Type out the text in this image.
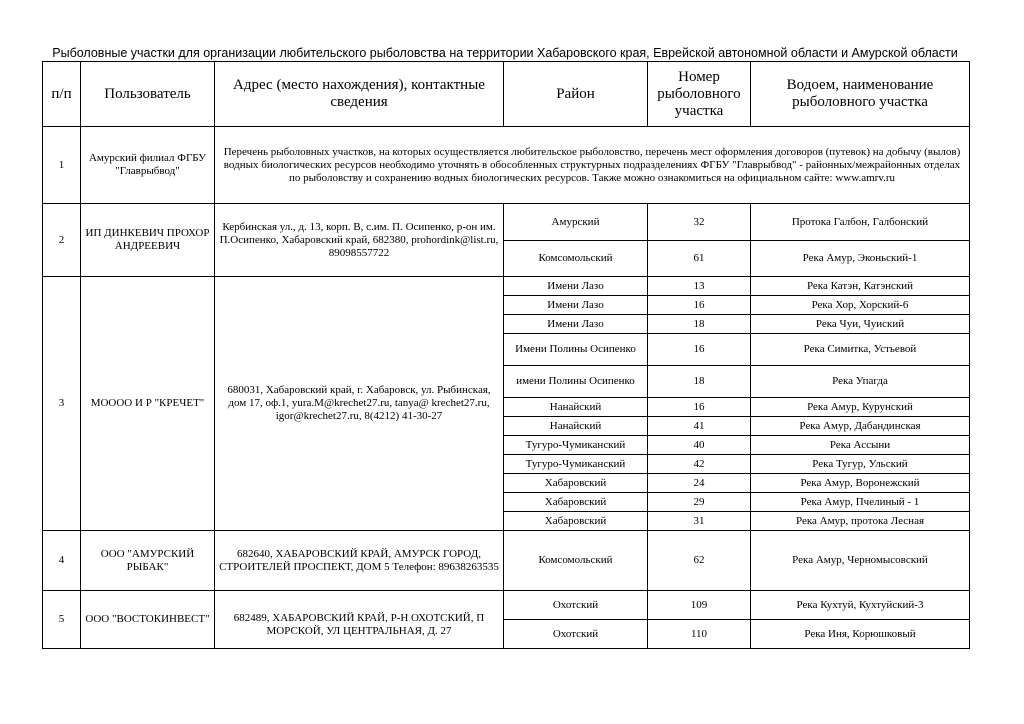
Рыболовные участки для организации любительского рыболовства на территории Хабаровского края, Еврейской автономной области и Амурской области
п/п	Пользователь	Адрес (место нахождения), контактные сведения	Район	Номер рыболовного участка	Водоем, наименование рыболовного участка
1	Амурский филиал ФГБУ "Главрыбвод"	Перечень рыболовных участков, на которых осуществляется любительское рыболовство, перечень мест оформления договоров (путевок) на добычу (вылов) водных биологических ресурсов необходимо уточнять в обособленных структурных подразделениях ФГБУ "Главрыбвод" - районных/межрайонных отделах по рыболовству и сохранению водных биологических ресурсов. Также можно ознакомиться на официальном сайте: www.amrv.ru			
2	ИП ДИНКЕВИЧ ПРОХОР АНДРЕЕВИЧ	Кербинская ул., д. 13, корп. В, с.им. П. Осипенко, р-он им. П.Осипенко, Хабаровский край, 682380, prohordink@list.ru, 89098557722	Амурский	32	Протока Галбон, Галбонский
			Комсомольский	61	Река Амур, Эконьский-1
3	МОООО И Р "КРЕЧЕТ"	680031, Хабаровский край, г. Хабаровск, ул. Рыбинская, дом 17, оф.1, yura.M@krechet27.ru, tanya@ krechet27.ru, igor@krechet27.ru, 8(4212) 41-30-27	Имени Лазо	13	Река Катэн, Катэнский
			Имени Лазо	16	Река Хор, Хорский-6
			Имени Лазо	18	Река Чуи, Чуиский
			Имени Полины Осипенко	16	Река Симитка, Устьевой
			имени Полины Осипенко	18	Река Упагда
			Нанайский	16	Река Амур, Курунский
			Нанайский	41	Река Амур, Дабандинская
			Тугуро-Чумиканский	40	Река Ассыни
			Тугуро-Чумиканский	42	Река Тугур, Ульский
			Хабаровский	24	Река Амур, Воронежский
			Хабаровский	29	Река Амур, Пчелиный - 1
			Хабаровский	31	Река Амур, протока Лесная
4	ООО "АМУРСКИЙ РЫБАК"	682640, ХАБАРОВСКИЙ КРАЙ, АМУРСК ГОРОД, СТРОИТЕЛЕЙ ПРОСПЕКТ, ДОМ 5 Телефон: 89638263535	Комсомольский	62	Река Амур, Черномысовский
5	ООО "ВОСТОКИНВЕСТ"	682489, ХАБАРОВСКИЙ КРАЙ, Р-Н ОХОТСКИЙ, П МОРСКОЙ, УЛ ЦЕНТРАЛЬНАЯ, Д. 27	Охотский	109	Река Кухтуй, Кухтуйский-3
			Охотский	110	Река Иня, Корюшковый
